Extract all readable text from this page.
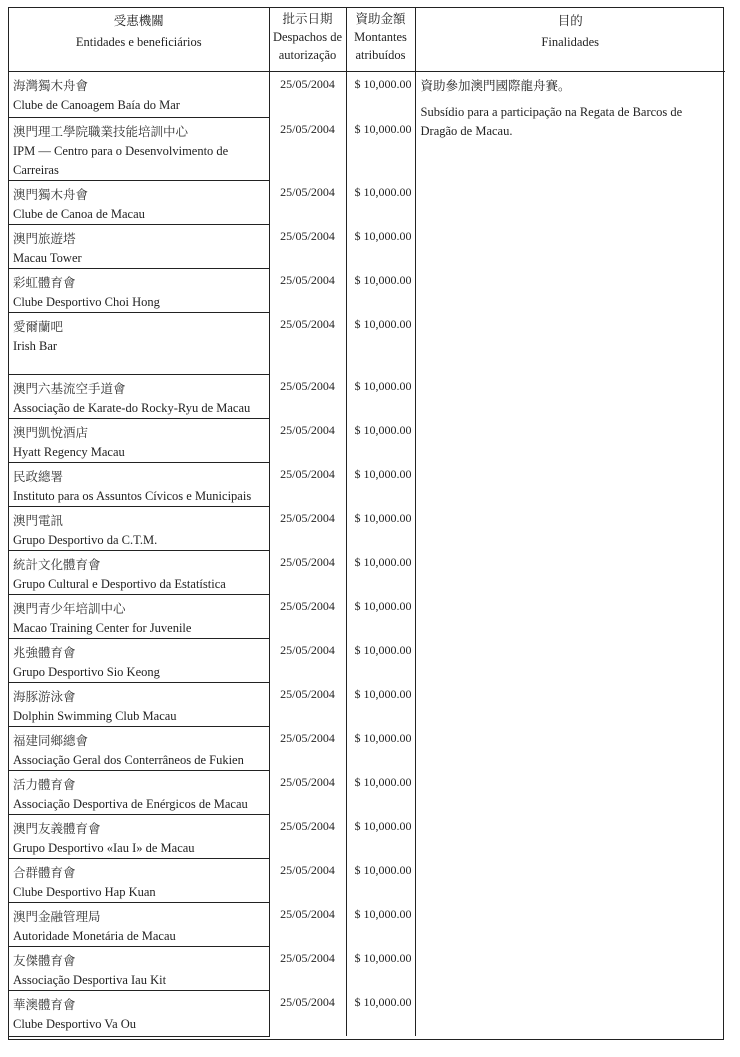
受惠機關
Entidades e beneficiários	批示日期
Despachos de
autorização	資助金額
Montantes
atribuídos	目的
Finalidades

海灣獨木舟會
Clube de Canoagem Baía do Mar	25/05/2004	$ 10,000.00	資助參加澳門國際龍舟賽。
Subsídio para a participação na Regata de Barcos de Dragão de Macau.

澳門理工學院職業技能培訓中心
IPM — Centro para o Desenvolvimento de Carreiras	25/05/2004	$ 10,000.00	

澳門獨木舟會
Clube de Canoa de Macau	25/05/2004	$ 10,000.00	

澳門旅遊塔
Macau Tower	25/05/2004	$ 10,000.00	

彩虹體育會
Clube Desportivo Choi Hong	25/05/2004	$ 10,000.00	

愛爾蘭吧
Irish Bar	25/05/2004	$ 10,000.00	

澳門六基流空手道會
Associação de Karate-do Rocky-Ryu de Macau	25/05/2004	$ 10,000.00	

澳門凱悅酒店
Hyatt Regency Macau	25/05/2004	$ 10,000.00	

民政總署
Instituto para os Assuntos Cívicos e Municipais	25/05/2004	$ 10,000.00	

澳門電訊
Grupo Desportivo da C.T.M.	25/05/2004	$ 10,000.00	

統計文化體育會
Grupo Cultural e Desportivo da Estatística	25/05/2004	$ 10,000.00	

澳門青少年培訓中心
Macao Training Center for Juvenile	25/05/2004	$ 10,000.00	

兆強體育會
Grupo Desportivo Sio Keong	25/05/2004	$ 10,000.00	

海豚游泳會
Dolphin Swimming Club Macau	25/05/2004	$ 10,000.00	

福建同鄉總會
Associação Geral dos Conterrâneos de Fukien	25/05/2004	$ 10,000.00	

活力體育會
Associação Desportiva de Enérgicos de Macau	25/05/2004	$ 10,000.00	

澳門友義體育會
Grupo Desportivo «Iau I» de Macau	25/05/2004	$ 10,000.00	

合群體育會
Clube Desportivo Hap Kuan	25/05/2004	$ 10,000.00	

澳門金融管理局
Autoridade Monetária de Macau	25/05/2004	$ 10,000.00	

友傑體育會
Associação Desportiva Iau Kit	25/05/2004	$ 10,000.00	

華澳體育會
Clube Desportivo Va Ou	25/05/2004	$ 10,000.00	
